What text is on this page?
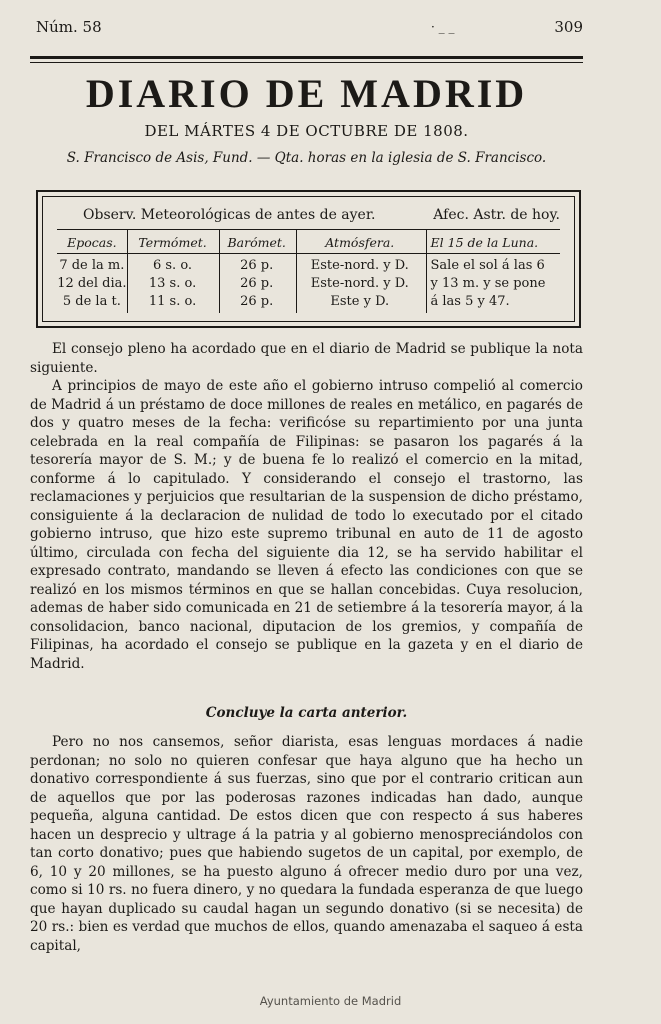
Núm. 58	· _ _	309
DIARIO DE MADRID
DEL MÁRTES 4 DE OCTUBRE DE 1808.
S. Francisco de Asis, Fund. — Qta. horas en la iglesia de S. Francisco.
Observ. Meteorológicas de antes de ayer.	Afec. Astr. de hoy.
Epocas.	Termómet.	Barómet.	Atmósfera.	El 15 de la Luna.
7 de la m.	6 s. o.	26 p.	Este-nord. y D.	Sale el sol á las 6
12 del dia.	13 s. o.	26 p.	Este-nord. y D.	y 13 m. y se pone
5 de la t.	11 s. o.	26 p.	Este y D.	á las 5 y 47.

El consejo pleno ha acordado que en el diario de Madrid se publique la nota siguiente.

A principios de mayo de este año el gobierno intruso compelió al comercio de Madrid á un préstamo de doce millones de reales en metálico, en pagarés de dos y quatro meses de la fecha: verificóse su repartimiento por una junta celebrada en la real compañía de Filipinas: se pasaron los pagarés á la tesorería mayor de S. M.; y de buena fe lo realizó el comercio en la mitad, conforme á lo capitulado. Y considerando el consejo el trastorno, las reclamaciones y perjuicios que resultarian de la suspension de dicho préstamo, consiguiente á la declaracion de nulidad de todo lo executado por el citado gobierno intruso, que hizo este supremo tribunal en auto de 11 de agosto último, circulada con fecha del siguiente dia 12, se ha servido habilitar el expresado contrato, mandando se lleven á efecto las condiciones con que se realizó en los mismos términos en que se hallan concebidas. Cuya resolucion, ademas de haber sido comunicada en 21 de setiembre á la tesorería mayor, á la consolidacion, banco nacional, diputacion de los gremios, y compañía de Filipinas, ha acordado el consejo se publique en la gazeta y en el diario de Madrid.

Concluye la carta anterior.

Pero no nos cansemos, señor diarista, esas lenguas mordaces á nadie perdonan; no solo no quieren confesar que haya alguno que ha hecho un donativo correspondiente á sus fuerzas, sino que por el contrario critican aun de aquellos que por las poderosas razones indicadas han dado, aunque pequeña, alguna cantidad. De estos dicen que con respecto á sus haberes hacen un desprecio y ultrage á la patria y al gobierno menospreciándolos con tan corto donativo; pues que habiendo sugetos de un capital, por exemplo, de 6, 10 y 20 millones, se ha puesto alguno á ofrecer medio duro por una vez, como si 10 rs. no fuera dinero, y no quedara la fundada esperanza de que luego que hayan duplicado su caudal hagan un segundo donativo (si se necesita) de 20 rs.: bien es verdad que muchos de ellos, quando amenazaba el saqueo á esta capital,

Ayuntamiento de Madrid
